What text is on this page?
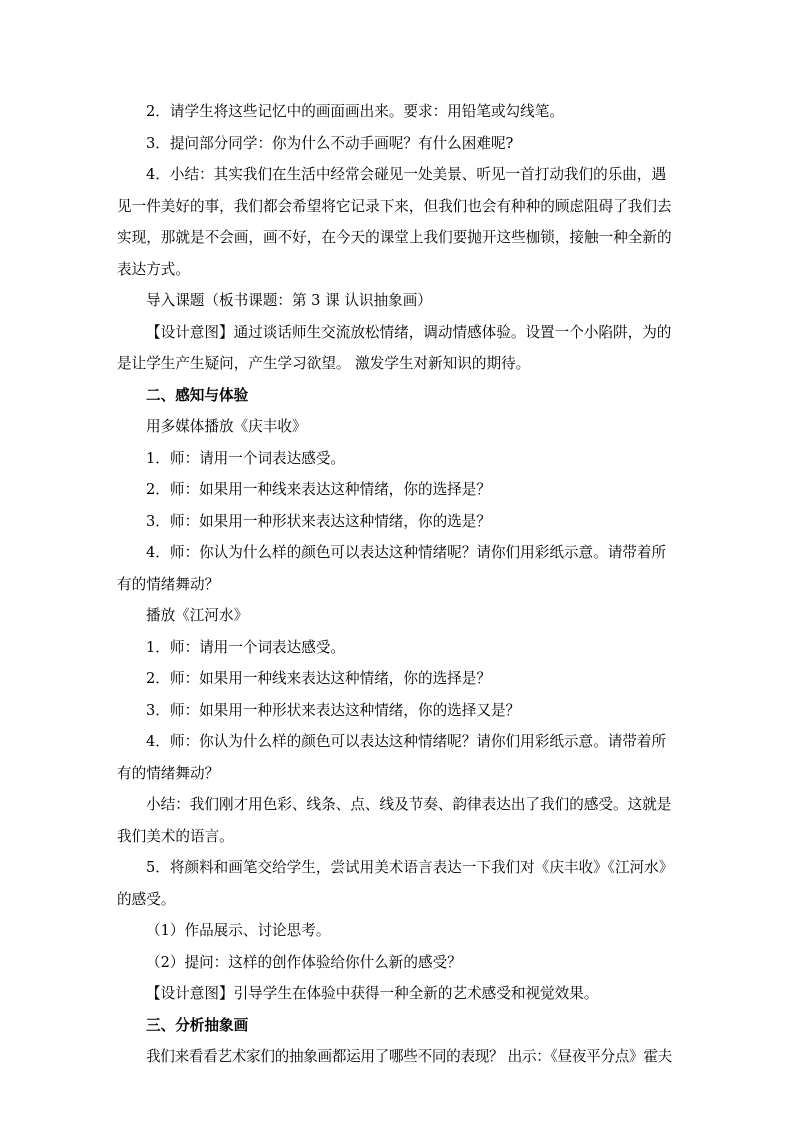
2．请学生将这些记忆中的画面画出来。要求：用铅笔或勾线笔。

3．提问部分同学：你为什么不动手画呢？有什么困难呢?

4．小结：其实我们在生活中经常会碰见一处美景、听见一首打动我们的乐曲，遇见一件美好的事，我们都会希望将它记录下来，但我们也会有种种的顾虑阻碍了我们去实现，那就是不会画，画不好，在今天的课堂上我们要抛开这些枷锁，接触一种全新的表达方式。

导入课题（板书课题：第 3 课 认识抽象画）

【设计意图】通过谈话师生交流放松情绪，调动情感体验。设置一个小陷阱，为的是让学生产生疑问，产生学习欲望。 激发学生对新知识的期待。

二、感知与体验

用多媒体播放《庆丰收》

1．师：请用一个词表达感受。

2．师：如果用一种线来表达这种情绪，你的选择是？

3．师：如果用一种形状来表达这种情绪，你的选是？

4．师：你认为什么样的颜色可以表达这种情绪呢？请你们用彩纸示意。请带着所有的情绪舞动？

播放《江河水》

1．师：请用一个词表达感受。

2．师：如果用一种线来表达这种情绪，你的选择是？

3．师：如果用一种形状来表达这种情绪，你的选择又是？

4．师：你认为什么样的颜色可以表达这种情绪呢？请你们用彩纸示意。请带着所有的情绪舞动？

小结：我们刚才用色彩、线条、点、线及节奏、韵律表达出了我们的感受。这就是我们美术的语言。

5．将颜料和画笔交给学生，尝试用美术语言表达一下我们对《庆丰收》《江河水》的感受。

（1）作品展示、讨论思考。

（2）提问：这样的创作体验给你什么新的感受？

【设计意图】引导学生在体验中获得一种全新的艺术感受和视觉效果。

三、分析抽象画

我们来看看艺术家们的抽象画都运用了哪些不同的表现？ 出示：《昼夜平分点》霍夫
